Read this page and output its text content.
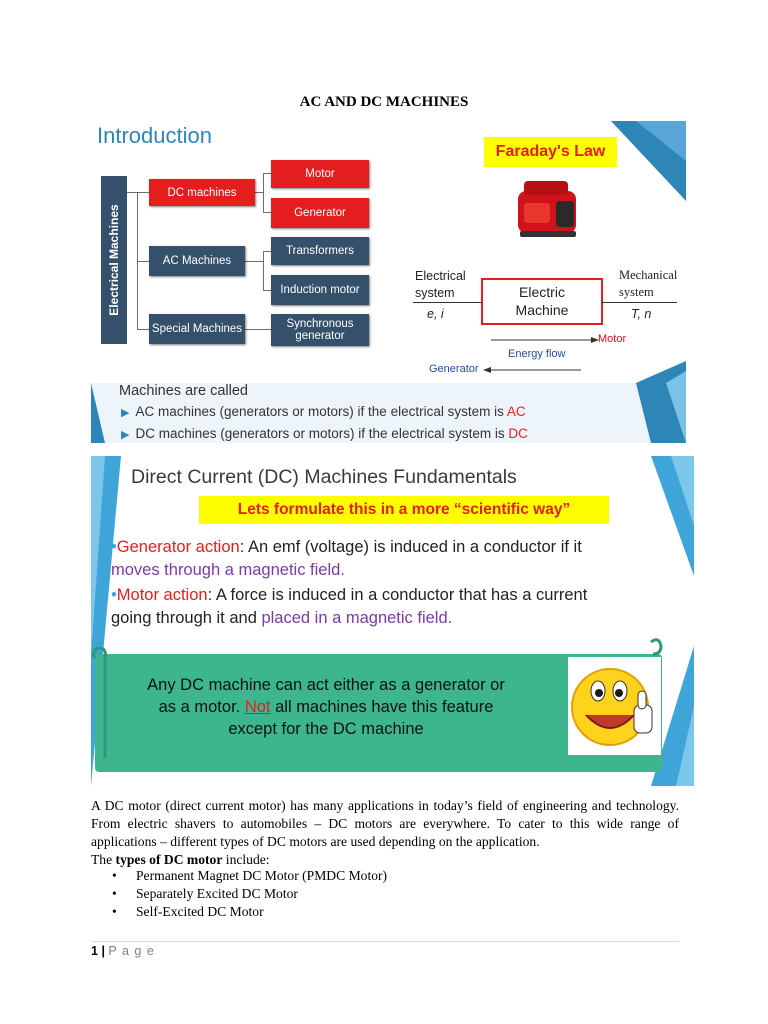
AC AND DC MACHINES
Introduction
Electrical Machines
DC machines
AC Machines
Special Machines
Motor
Generator
Transformers
Induction motor
Synchronous
generator
Faraday's Law
Electrical
system
e, i
Electric
Machine
Mechanical
system
T, n
Motor
Energy flow
Generator
Machines are called
▶ AC machines (generators or motors) if the electrical system is AC
▶ DC machines (generators or motors) if the electrical system is DC
Direct Current (DC) Machines Fundamentals
Lets formulate this in a more “scientific way”
•Generator action: An emf (voltage) is induced in a conductor if it
moves through a magnetic field.
•Motor action: A force is induced in a conductor that has a current
going through it and placed in a magnetic field.
Any DC machine can act either as a generator or
as a motor. Not all machines have this feature
except for the DC machine
A DC motor (direct current motor) has many applications in today’s field of engineering and technology. From electric shavers to automobiles – DC motors are everywhere. To cater to this wide range of applications – different types of DC motors are used depending on the application.
The types of DC motor include:
• Permanent Magnet DC Motor (PMDC Motor)
• Separately Excited DC Motor
• Self-Excited DC Motor
1 | P a g e
